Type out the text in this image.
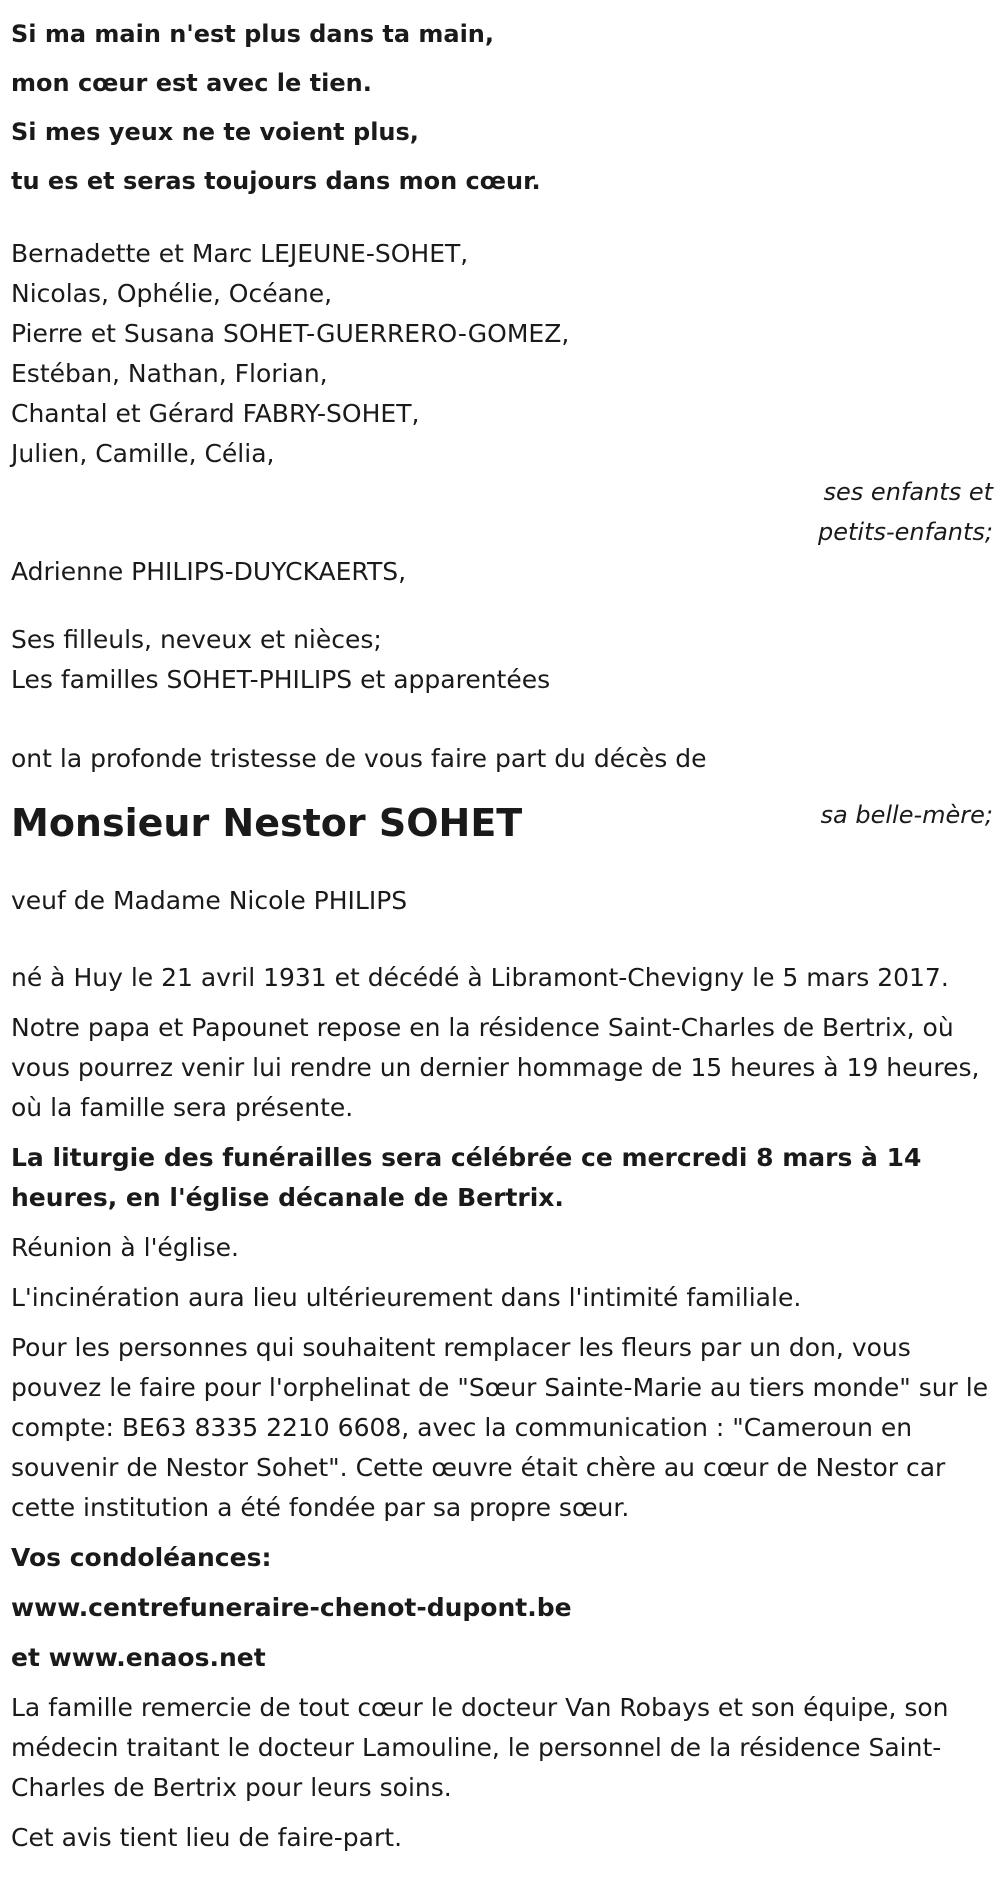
Si ma main n'est plus dans ta main,
mon cœur est avec le tien.
Si mes yeux ne te voient plus,
tu es et seras toujours dans mon cœur.
Bernadette et Marc LEJEUNE-SOHET,
Nicolas, Ophélie, Océane,
Pierre et Susana SOHET-GUERRERO-GOMEZ,
Estéban, Nathan, Florian,
Chantal et Gérard FABRY-SOHET,
Julien, Camille, Célia,
ses enfants et
petits-enfants;
Adrienne PHILIPS-DUYCKAERTS,
sa belle-mère;
Ses filleuls, neveux et nièces;
Les familles SOHET-PHILIPS et apparentées
ont la profonde tristesse de vous faire part du décès de
Monsieur Nestor SOHET
veuf de Madame Nicole PHILIPS
né à Huy le 21 avril 1931 et décédé à Libramont-Chevigny le 5 mars 2017.
Notre papa et Papounet repose en la résidence Saint-Charles de Bertrix, où vous pourrez venir lui rendre un dernier hommage de 15 heures à 19 heures, où la famille sera présente.
La liturgie des funérailles sera célébrée ce mercredi 8 mars à 14 heures, en l'église décanale de Bertrix.
Réunion à l'église.
L'incinération aura lieu ultérieurement dans l'intimité familiale.
Pour les personnes qui souhaitent remplacer les fleurs par un don, vous pouvez le faire pour l'orphelinat de "Sœur Sainte-Marie au tiers monde" sur le compte: BE63 8335 2210 6608, avec la communication : "Cameroun en souvenir de Nestor Sohet". Cette œuvre était chère au cœur de Nestor car cette institution a été fondée par sa propre sœur.
Vos condoléances:
www.centrefuneraire-chenot-dupont.be
et www.enaos.net
La famille remercie de tout cœur le docteur Van Robays et son équipe, son médecin traitant le docteur Lamouline, le personnel de la résidence Saint-Charles de Bertrix pour leurs soins.
Cet avis tient lieu de faire-part.
